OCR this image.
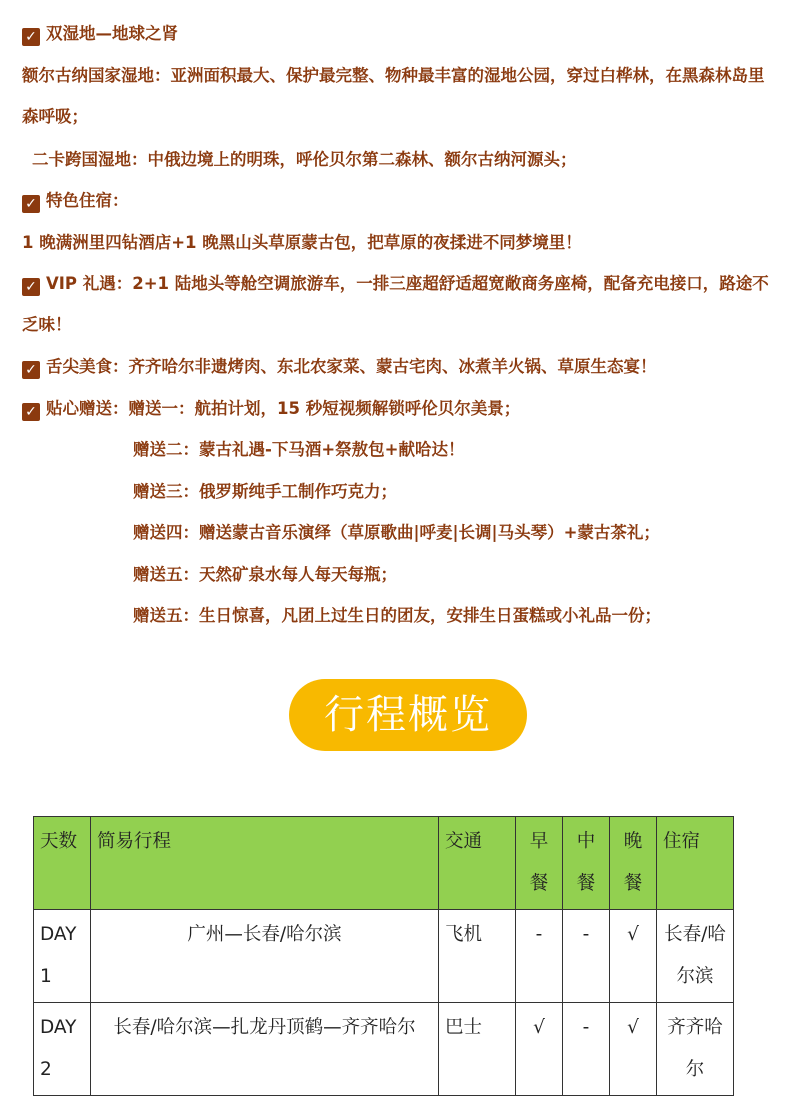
✓ 双湿地—地球之肾
额尔古纳国家湿地：亚洲面积最大、保护最完整、物种最丰富的湿地公园，穿过白桦林，在黑森林岛里森呼吸；
二卡跨国湿地：中俄边境上的明珠，呼伦贝尔第二森林、额尔古纳河源头；
✓ 特色住宿：
1 晚满洲里四钻酒店+1 晚黑山头草原蒙古包，把草原的夜揉进不同梦境里！
✓ VIP 礼遇：2+1 陆地头等舱空调旅游车，一排三座超舒适超宽敞商务座椅，配备充电接口，路途不乏味！
✓ 舌尖美食：齐齐哈尔非遗烤肉、东北农家菜、蒙古宅肉、冰煮羊火锅、草原生态宴！
✓ 贴心赠送：赠送一：航拍计划，15 秒短视频解锁呼伦贝尔美景；
赠送二：蒙古礼遇-下马酒+祭敖包+献哈达！
赠送三：俄罗斯纯手工制作巧克力；
赠送四：赠送蒙古音乐演绎（草原歌曲|呼麦|长调|马头琴）+蒙古茶礼；
赠送五：天然矿泉水每人每天每瓶；
赠送五：生日惊喜，凡团上过生日的团友，安排生日蛋糕或小礼品一份；
行程概览
天数	简易行程	交通	早餐	中餐	晚餐	住宿
DAY1	广州—长春/哈尔滨	飞机	-	-	√	长春/哈尔滨
DAY2	长春/哈尔滨—扎龙丹顶鹤—齐齐哈尔	巴士	√	-	√	齐齐哈尔
